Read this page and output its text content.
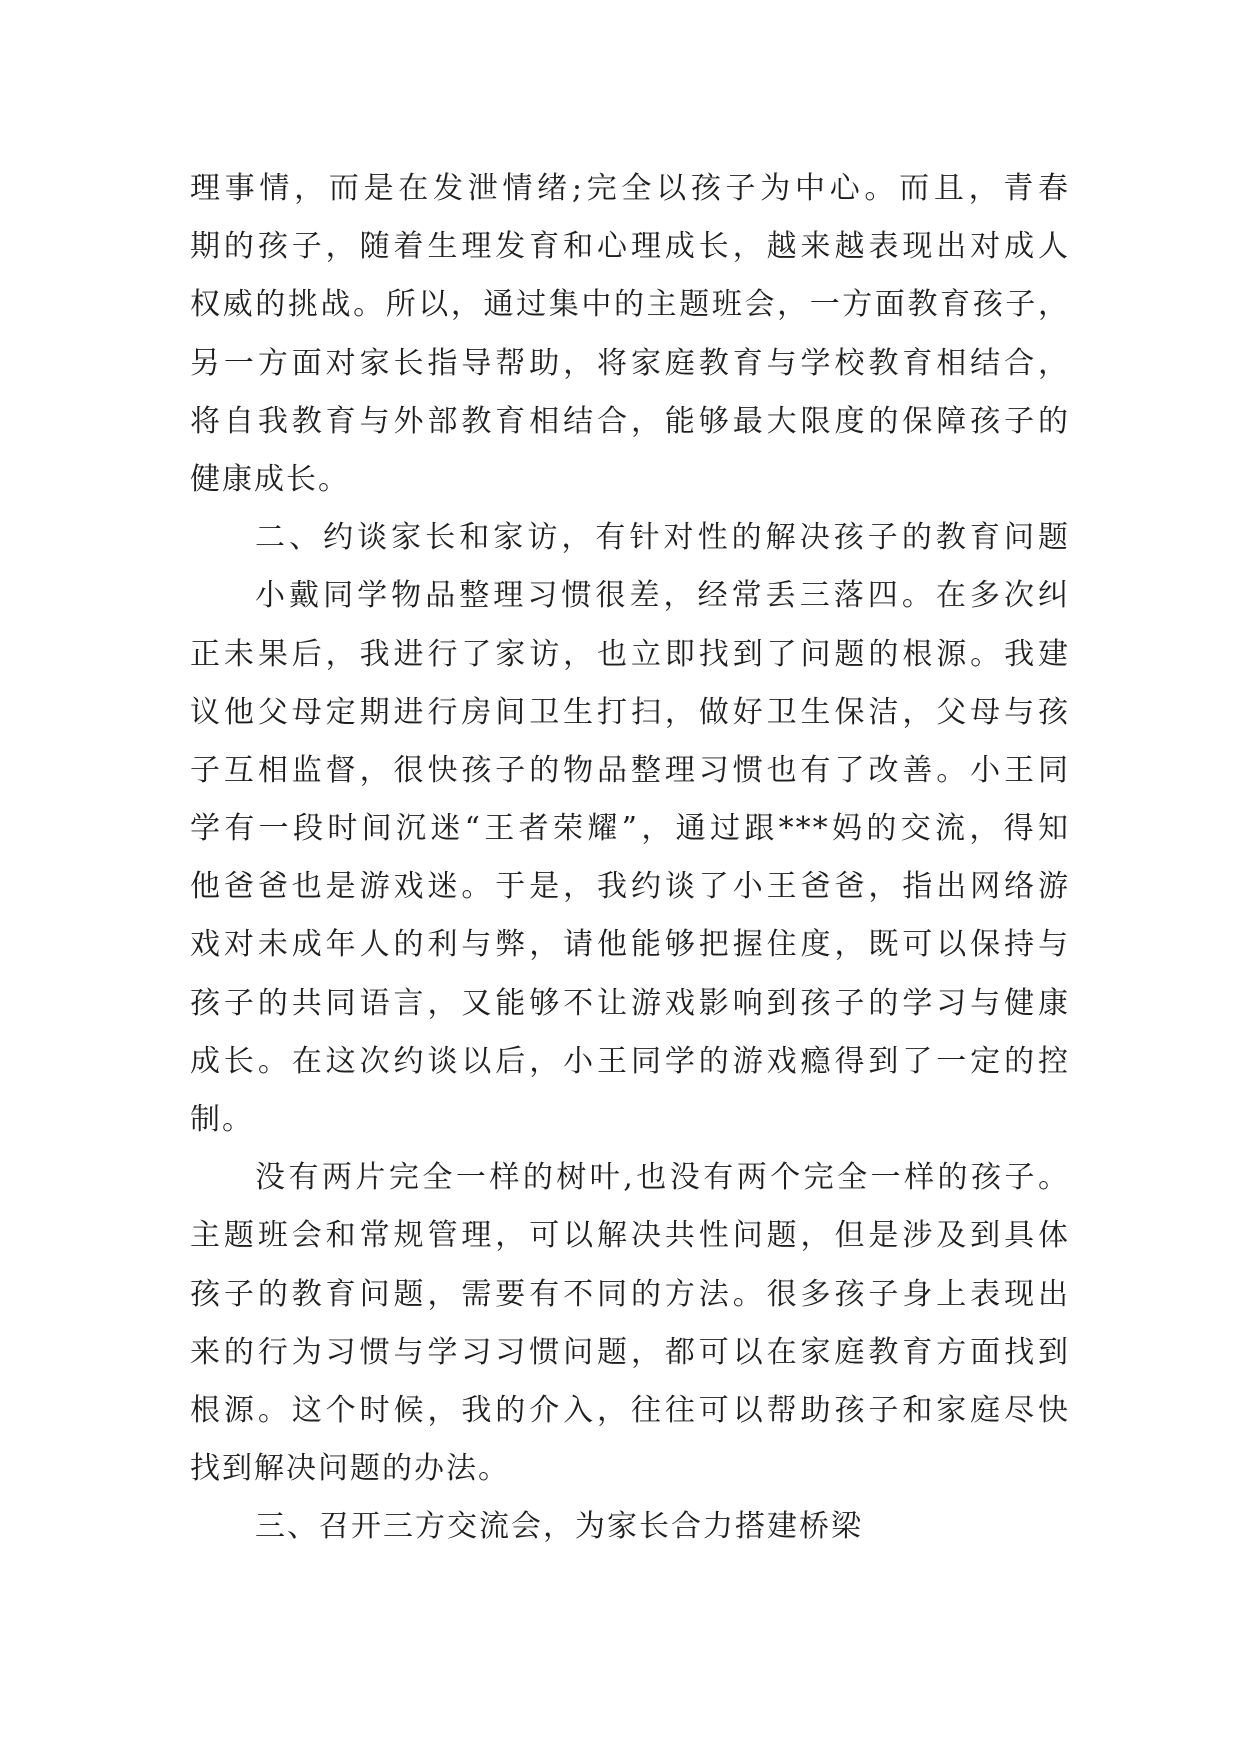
理事情，而是在发泄情绪;完全以孩子为中心。而且，青春
期的孩子，随着生理发育和心理成长，越来越表现出对成人
权威的挑战。所以，通过集中的主题班会，一方面教育孩子，
另一方面对家长指导帮助，将家庭教育与学校教育相结合，
将自我教育与外部教育相结合，能够最大限度的保障孩子的
健康成长。
二、约谈家长和家访，有针对性的解决孩子的教育问题
小戴同学物品整理习惯很差，经常丢三落四。在多次纠
正未果后，我进行了家访，也立即找到了问题的根源。我建
议他父母定期进行房间卫生打扫，做好卫生保洁，父母与孩
子互相监督，很快孩子的物品整理习惯也有了改善。小王同
学有一段时间沉迷“王者荣耀”，通过跟***妈的交流，得知
他爸爸也是游戏迷。于是，我约谈了小王爸爸，指出网络游
戏对未成年人的利与弊，请他能够把握住度，既可以保持与
孩子的共同语言，又能够不让游戏影响到孩子的学习与健康
成长。在这次约谈以后，小王同学的游戏瘾得到了一定的控
制。
没有两片完全一样的树叶,也没有两个完全一样的孩子。
主题班会和常规管理，可以解决共性问题，但是涉及到具体
孩子的教育问题，需要有不同的方法。很多孩子身上表现出
来的行为习惯与学习习惯问题，都可以在家庭教育方面找到
根源。这个时候，我的介入，往往可以帮助孩子和家庭尽快
找到解决问题的办法。
三、召开三方交流会，为家长合力搭建桥梁
